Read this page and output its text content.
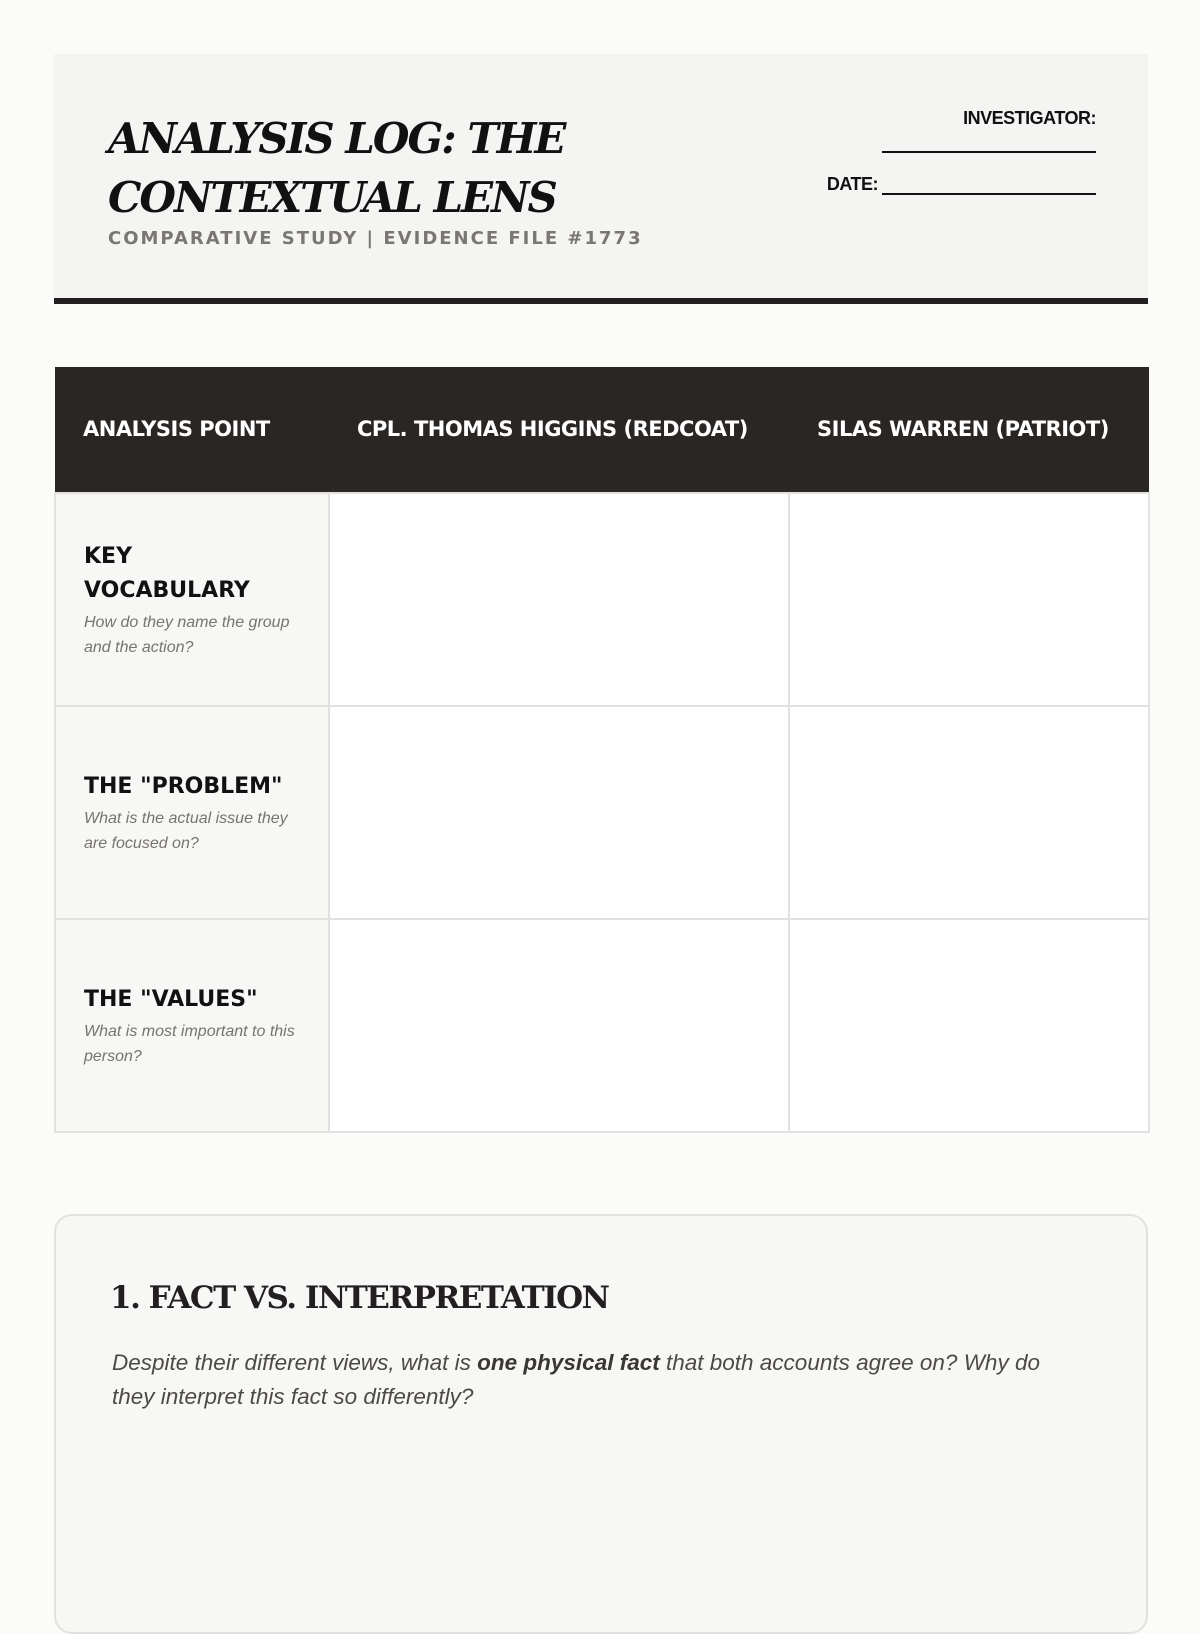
ANALYSIS LOG: THE CONTEXTUAL LENS
COMPARATIVE STUDY | EVIDENCE FILE #1773
INVESTIGATOR:
DATE:
ANALYSIS POINT	CPL. THOMAS HIGGINS (REDCOAT)	SILAS WARREN (PATRIOT)

KEY VOCABULARY
How do they name the group and the action?		

THE "PROBLEM"
What is the actual issue they are focused on?		

THE "VALUES"
What is most important to this person?		

1. FACT VS. INTERPRETATION

Despite their different views, what is one physical fact that both accounts agree on? Why do they interpret this fact so differently?
